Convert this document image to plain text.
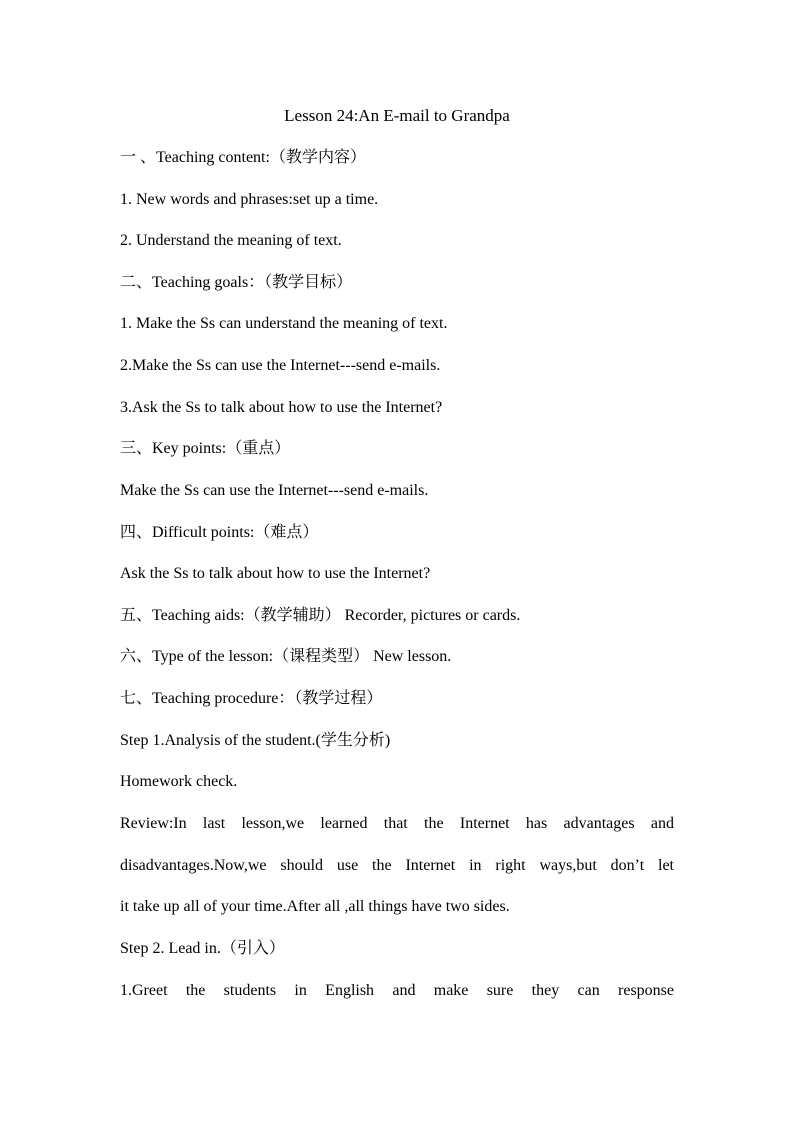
Lesson 24:An E-mail to Grandpa
一 、Teaching content:（教学内容）
1. New words and phrases:set up a time.
2. Understand the meaning of text.
二、Teaching goals：（教学目标）
1. Make the Ss can understand the meaning of text.
2.Make the Ss can use the Internet---send e-mails.
3.Ask the Ss to talk about how to use the Internet?
三、Key points:（重点）
Make the Ss can use the Internet---send e-mails.
四、Difficult points:（难点）
Ask the Ss to talk about how to use the Internet?
五、Teaching aids:（教学辅助） Recorder, pictures or cards.
六、Type of the lesson:（课程类型） New lesson.
七、Teaching procedure：（教学过程）
Step 1.Analysis of the student.(学生分析)
Homework check.
Review:In last lesson,we learned that the Internet has advantages and
disadvantages.Now,we should use the Internet in right ways,but don’t let
it take up all of your time.After all ,all things have two sides.
Step 2. Lead in.（引入）
1.Greet the students in English and make sure they can response
